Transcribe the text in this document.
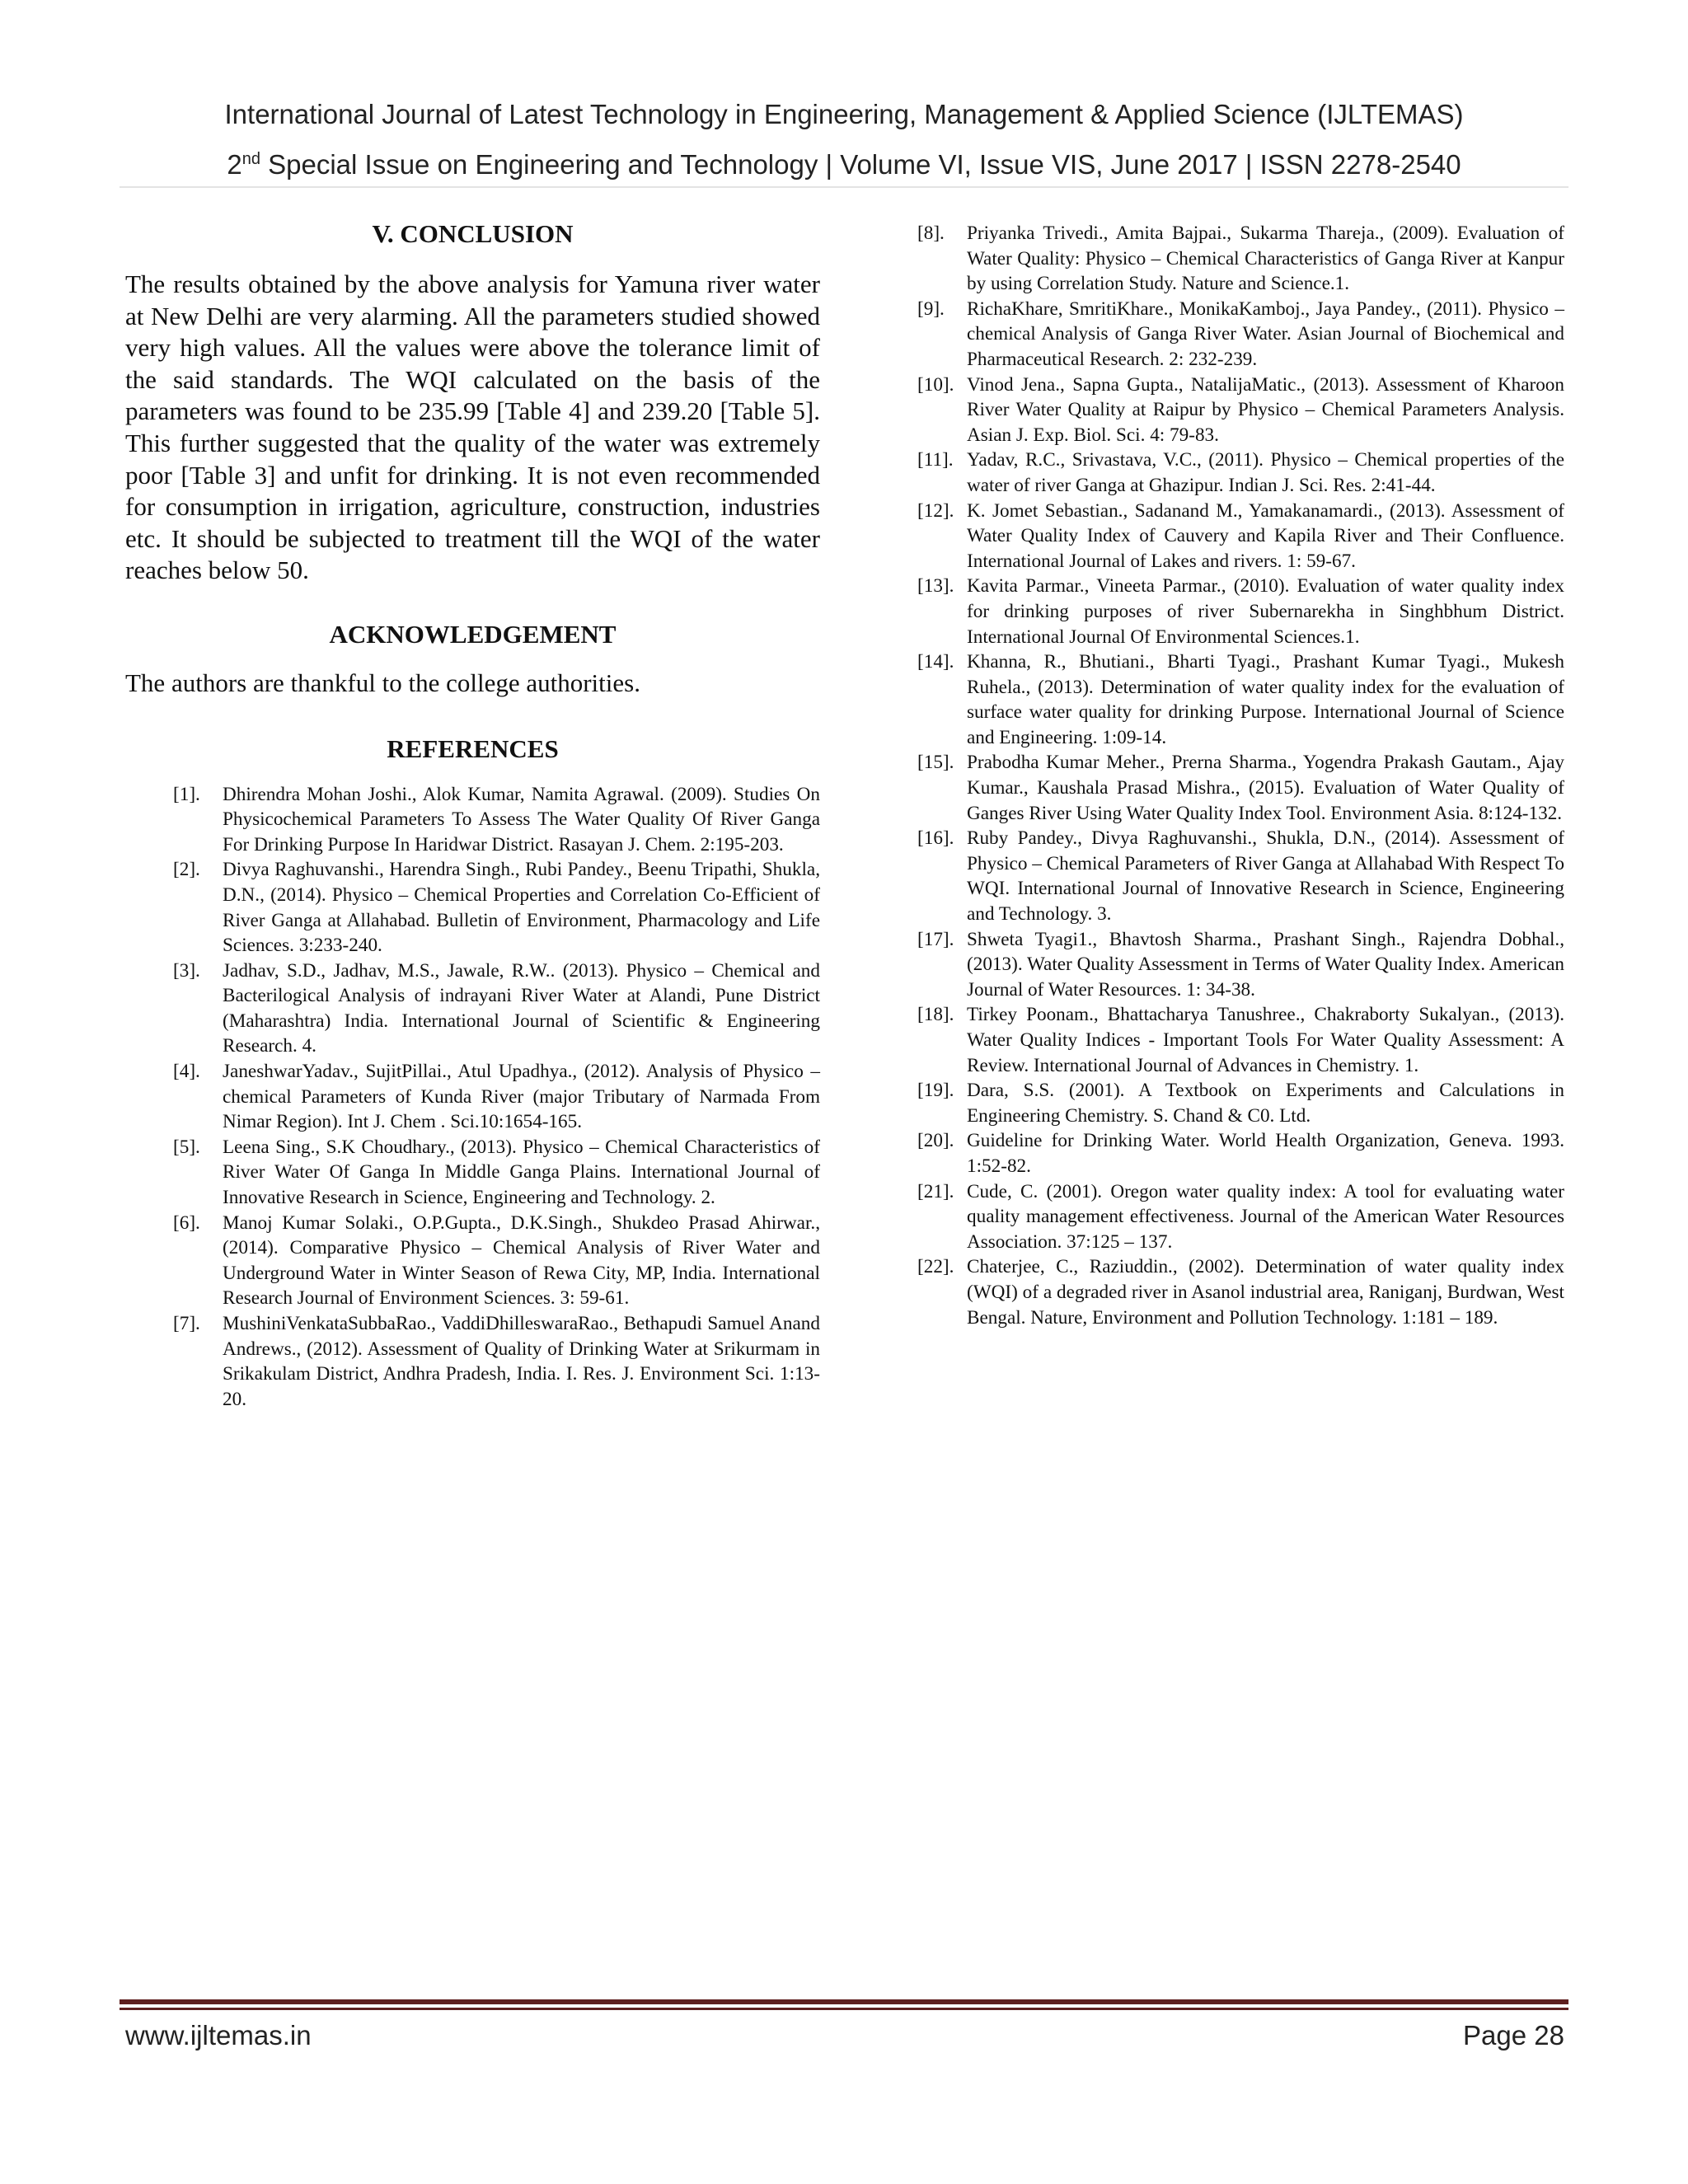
International Journal of Latest Technology in Engineering, Management & Applied Science (IJLTEMAS)
2nd Special Issue on Engineering and Technology | Volume VI, Issue VIS, June 2017 | ISSN 2278-2540
V. CONCLUSION

The results obtained by the above analysis for Yamuna river water at New Delhi are very alarming. All the parameters studied showed very high values. All the values were above the tolerance limit of the said standards. The WQI calculated on the basis of the parameters was found to be 235.99 [Table 4] and 239.20 [Table 5]. This further suggested that the quality of the water was extremely poor [Table 3] and unfit for drinking. It is not even recommended for consumption in irrigation, agriculture, construction, industries etc. It should be subjected to treatment till the WQI of the water reaches below 50.

ACKNOWLEDGEMENT

The authors are thankful to the college authorities.

REFERENCES
[1]. Dhirendra Mohan Joshi., Alok Kumar, Namita Agrawal. (2009). Studies On Physicochemical Parameters To Assess The Water Quality Of River Ganga For Drinking Purpose In Haridwar District. Rasayan J. Chem. 2:195-203.
[2]. Divya Raghuvanshi., Harendra Singh., Rubi Pandey., Beenu Tripathi, Shukla, D.N., (2014). Physico – Chemical Properties and Correlation Co-Efficient of River Ganga at Allahabad. Bulletin of Environment, Pharmacology and Life Sciences. 3:233-240.
[3]. Jadhav, S.D., Jadhav, M.S., Jawale, R.W.. (2013). Physico – Chemical and Bacterilogical Analysis of indrayani River Water at Alandi, Pune District (Maharashtra) India. International Journal of Scientific & Engineering Research. 4.
[4]. JaneshwarYadav., SujitPillai., Atul Upadhya., (2012). Analysis of Physico – chemical Parameters of Kunda River (major Tributary of Narmada From Nimar Region). Int J. Chem . Sci.10:1654-165.
[5]. Leena Sing., S.K Choudhary., (2013). Physico – Chemical Characteristics of River Water Of Ganga In Middle Ganga Plains. International Journal of Innovative Research in Science, Engineering and Technology. 2.
[6]. Manoj Kumar Solaki., O.P.Gupta., D.K.Singh., Shukdeo Prasad Ahirwar., (2014). Comparative Physico – Chemical Analysis of River Water and Underground Water in Winter Season of Rewa City, MP, India. International Research Journal of Environment Sciences. 3: 59-61.
[7]. MushiniVenkataSubbaRao., VaddiDhilleswaraRao., Bethapudi Samuel Anand Andrews., (2012). Assessment of Quality of Drinking Water at Srikurmam in Srikakulam District, Andhra Pradesh, India. I. Res. J. Environment Sci. 1:13-20.
[8]. Priyanka Trivedi., Amita Bajpai., Sukarma Thareja., (2009). Evaluation of Water Quality: Physico – Chemical Characteristics of Ganga River at Kanpur by using Correlation Study. Nature and Science.1.
[9]. RichaKhare, SmritiKhare., MonikaKamboj., Jaya Pandey., (2011). Physico – chemical Analysis of Ganga River Water. Asian Journal of Biochemical and Pharmaceutical Research. 2: 232-239.
[10]. Vinod Jena., Sapna Gupta., NatalijaMatic., (2013). Assessment of Kharoon River Water Quality at Raipur by Physico – Chemical Parameters Analysis. Asian J. Exp. Biol. Sci. 4: 79-83.
[11]. Yadav, R.C., Srivastava, V.C., (2011). Physico – Chemical properties of the water of river Ganga at Ghazipur. Indian J. Sci. Res. 2:41-44.
[12]. K. Jomet Sebastian., Sadanand M., Yamakanamardi., (2013). Assessment of Water Quality Index of Cauvery and Kapila River and Their Confluence. International Journal of Lakes and rivers. 1: 59-67.
[13]. Kavita Parmar., Vineeta Parmar., (2010). Evaluation of water quality index for drinking purposes of river Subernarekha in Singhbhum District. International Journal Of Environmental Sciences.1.
[14]. Khanna, R., Bhutiani., Bharti Tyagi., Prashant Kumar Tyagi., Mukesh Ruhela., (2013). Determination of water quality index for the evaluation of surface water quality for drinking Purpose. International Journal of Science and Engineering. 1:09-14.
[15]. Prabodha Kumar Meher., Prerna Sharma., Yogendra Prakash Gautam., Ajay Kumar., Kaushala Prasad Mishra., (2015). Evaluation of Water Quality of Ganges River Using Water Quality Index Tool. Environment Asia. 8:124-132.
[16]. Ruby Pandey., Divya Raghuvanshi., Shukla, D.N., (2014). Assessment of Physico – Chemical Parameters of River Ganga at Allahabad With Respect To WQI. International Journal of Innovative Research in Science, Engineering and Technology. 3.
[17]. Shweta Tyagi1., Bhavtosh Sharma., Prashant Singh., Rajendra Dobhal., (2013). Water Quality Assessment in Terms of Water Quality Index. American Journal of Water Resources. 1: 34-38.
[18]. Tirkey Poonam., Bhattacharya Tanushree., Chakraborty Sukalyan., (2013). Water Quality Indices - Important Tools For Water Quality Assessment: A Review. International Journal of Advances in Chemistry. 1.
[19]. Dara, S.S. (2001). A Textbook on Experiments and Calculations in Engineering Chemistry. S. Chand & C0. Ltd.
[20]. Guideline for Drinking Water. World Health Organization, Geneva. 1993. 1:52-82.
[21]. Cude, C. (2001). Oregon water quality index: A tool for evaluating water quality management effectiveness. Journal of the American Water Resources Association. 37:125 – 137.
[22]. Chaterjee, C., Raziuddin., (2002). Determination of water quality index (WQI) of a degraded river in Asanol industrial area, Raniganj, Burdwan, West Bengal. Nature, Environment and Pollution Technology. 1:181 – 189.
www.ijltemas.in	Page 28
